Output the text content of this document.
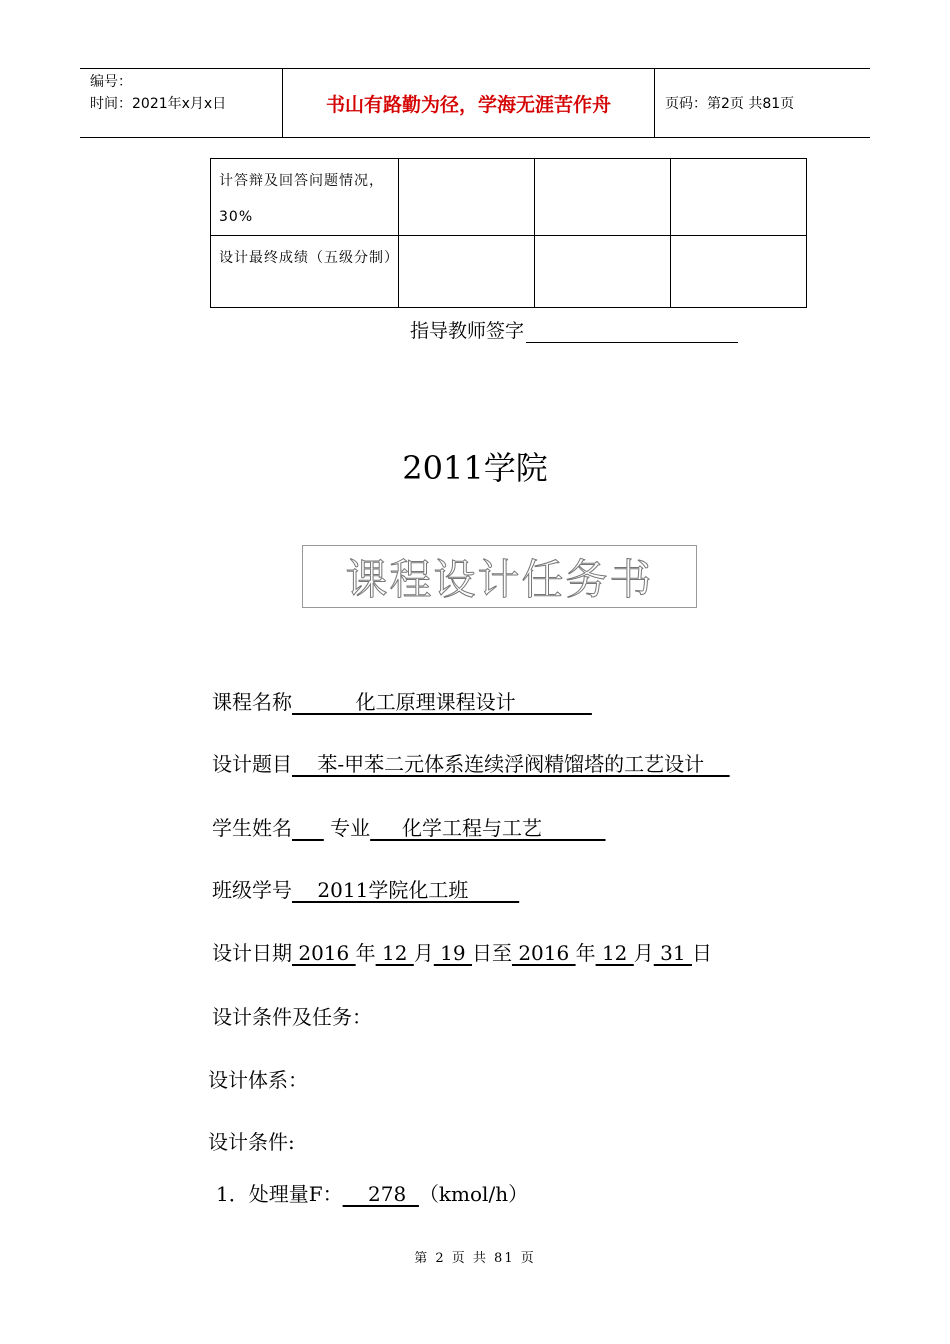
编号：
时间：2021年x月x日	书山有路勤为径，学海无涯苦作舟	页码：第2页 共81页
计答辩及回答问题情况，30%			
设计最终成绩（五级分制）			
指导教师签字
2011学院
课程设计任务书
课程名称          化工原理课程设计
设计题目    苯-甲苯二元体系连续浮阀精馏塔的工艺设计
学生姓名      专业     化学工程与工艺
班级学号    2011学院化工班
设计日期 2016 年 12 月 19 日至 2016 年 12 月 31 日
设计条件及任务：
设计体系：
设计条件:
1．处理量F：    278  （kmol/h）
第 2 页 共 81 页
